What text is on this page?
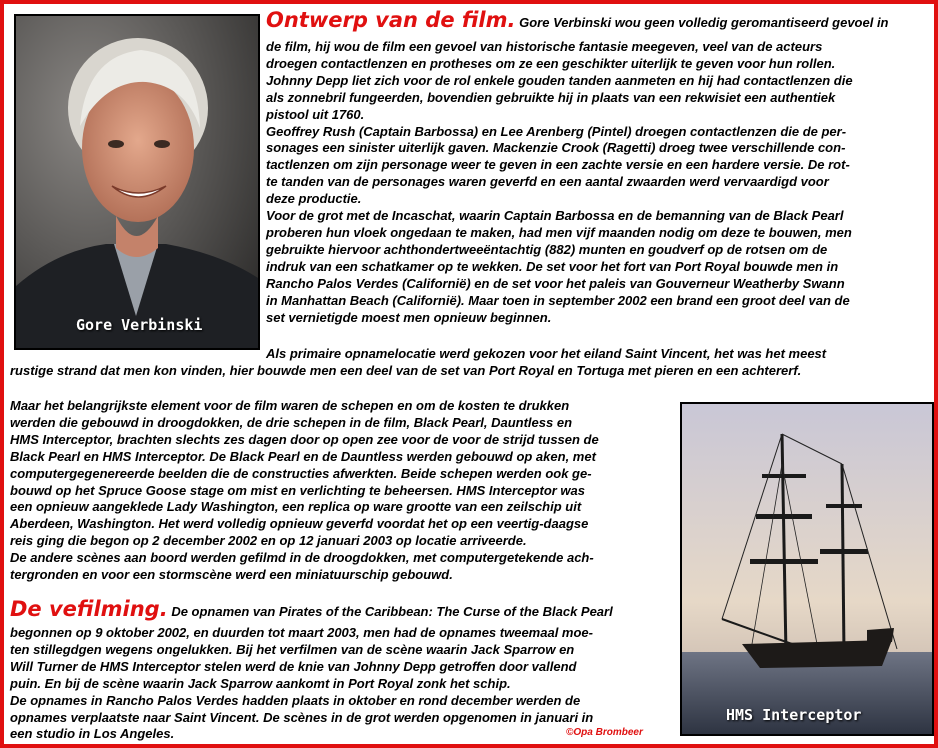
Gore Verbinski

Ontwerp van de film. Gore Verbinski wou geen volledig geromantiseerd gevoel in

de film, hij wou de film een gevoel van historische fantasie meegeven, veel van de acteurs
droegen contactlenzen en protheses om ze een geschikter uiterlijk te geven voor hun rollen.
Johnny Depp liet zich voor de rol enkele gouden tanden aanmeten en hij had contactlenzen die
als zonnebril fungeerden, bovendien gebruikte hij in plaats van een rekwisiet een authentiek
pistool uit 1760.
Geoffrey Rush (Captain Barbossa) en Lee Arenberg (Pintel) droegen contactlenzen die de per-
sonages een sinister uiterlijk gaven. Mackenzie Crook (Ragetti) droeg twee verschillende con-
tactlenzen om zijn personage weer te geven in een zachte versie en een hardere versie. De rot-
te tanden van de personages waren geverfd en een aantal zwaarden werd vervaardigd voor
deze productie.
Voor de grot met de Incaschat, waarin Captain Barbossa en de bemanning van de Black Pearl
proberen hun vloek ongedaan te maken, had men vijf maanden nodig om deze te bouwen, men
gebruikte hiervoor achthondertweeëntachtig (882) munten en goudverf op de rotsen om de
indruk van een schatkamer op te wekken. De set voor het fort van Port Royal bouwde men in
Rancho Palos Verdes (Californië) en de set voor het paleis van Gouverneur Weatherby Swann
in Manhattan Beach (Californië). Maar toen in september 2002 een brand een groot deel van de
set vernietigde moest men opnieuw beginnen.

Als primaire opnamelocatie werd gekozen voor het eiland Saint Vincent, het was het meest

rustige strand dat men kon vinden, hier bouwde men een deel van de set van Port Royal en Tortuga met pieren en een achtererf.

Maar het belangrijkste element voor de film waren de schepen en om de kosten te drukken
werden die gebouwd in droogdokken, de drie schepen in de film, Black Pearl, Dauntless en
HMS Interceptor, brachten slechts zes dagen door op open zee voor de voor de strijd tussen de
Black Pearl en HMS Interceptor. De Black Pearl en de Dauntless werden gebouwd op aken, met
computergegenereerde beelden die de constructies afwerkten. Beide schepen werden ook ge-
bouwd op het Spruce Goose stage om mist en verlichting te beheersen. HMS Interceptor was
een opnieuw aangeklede Lady Washington, een replica op ware grootte van een zeilschip uit
Aberdeen, Washington. Het werd volledig opnieuw geverfd voordat het op een veertig-daagse
reis ging die begon op 2 december 2002 en op 12 januari 2003 op locatie arriveerde.
De andere scènes aan boord werden gefilmd in de droogdokken, met computergetekende ach-
tergronden en voor een stormscène werd een miniatuurschip gebouwd.

HMS Interceptor

De vefilming. De opnamen van Pirates of the Caribbean: The Curse of the Black Pearl

begonnen op 9 oktober 2002, en duurden tot maart 2003, men had de opnames tweemaal moe-
ten stillegdgen wegens ongelukken. Bij het verfilmen van de scène waarin Jack Sparrow en
Will Turner de HMS Interceptor stelen werd de knie van Johnny Depp getroffen door vallend
puin. En bij de scène waarin Jack Sparrow aankomt in Port Royal zonk het schip.
De opnames in Rancho Palos Verdes hadden plaats in oktober en rond december werden de
opnames verplaatste naar Saint Vincent. De scènes in de grot werden opgenomen in januari in
een studio in Los Angeles.	©Opa Brombeer
